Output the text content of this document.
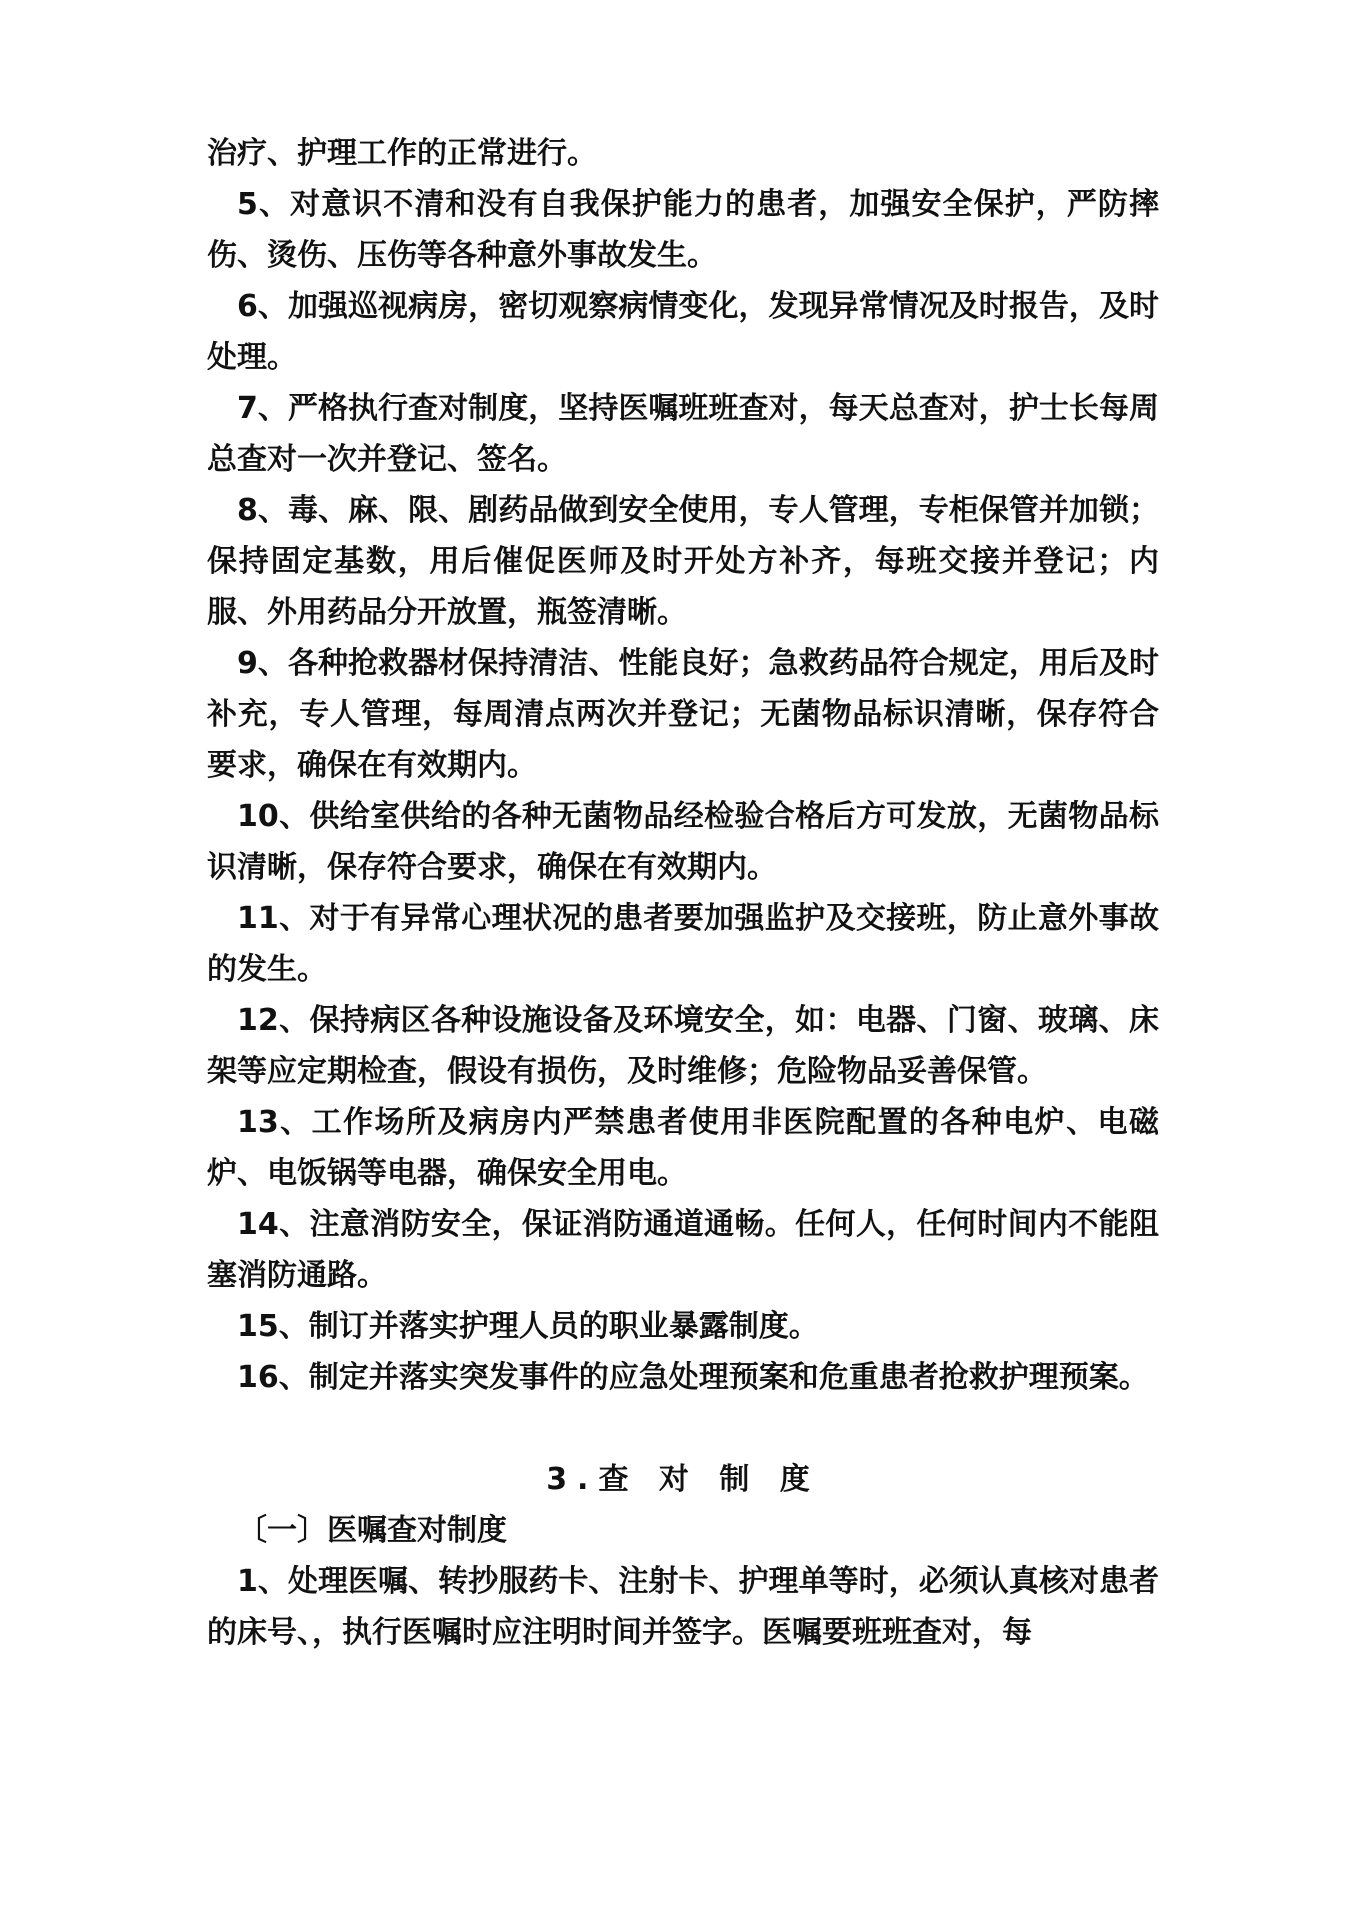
治疗、护理工作的正常进行。

5、对意识不清和没有自我保护能力的患者，加强安全保护，严防摔伤、烫伤、压伤等各种意外事故发生。

6、加强巡视病房，密切观察病情变化，发现异常情况及时报告，及时处理。

7、严格执行查对制度，坚持医嘱班班查对，每天总查对，护士长每周总查对一次并登记、签名。

8、毒、麻、限、剧药品做到安全使用，专人管理，专柜保管并加锁；保持固定基数，用后催促医师及时开处方补齐，每班交接并登记；内服、外用药品分开放置，瓶签清晰。

9、各种抢救器材保持清洁、性能良好；急救药品符合规定，用后及时补充，专人管理，每周清点两次并登记；无菌物品标识清晰，保存符合要求，确保在有效期内。

10、供给室供给的各种无菌物品经检验合格后方可发放，无菌物品标识清晰，保存符合要求，确保在有效期内。

11、对于有异常心理状况的患者要加强监护及交接班，防止意外事故的发生。

12、保持病区各种设施设备及环境安全，如：电器、门窗、玻璃、床架等应定期检查，假设有损伤，及时维修；危险物品妥善保管。

13、工作场所及病房内严禁患者使用非医院配置的各种电炉、电磁炉、电饭锅等电器，确保安全用电。

14、注意消防安全，保证消防通道通畅。任何人，任何时间内不能阻塞消防通路。

15、制订并落实护理人员的职业暴露制度。

16、制定并落实突发事件的应急处理预案和危重患者抢救护理预案。

3.查 对 制 度
〔一〕医嘱查对制度

1、处理医嘱、转抄服药卡、注射卡、护理单等时，必须认真核对患者的床号、，执行医嘱时应注明时间并签字。医嘱要班班查对，每
